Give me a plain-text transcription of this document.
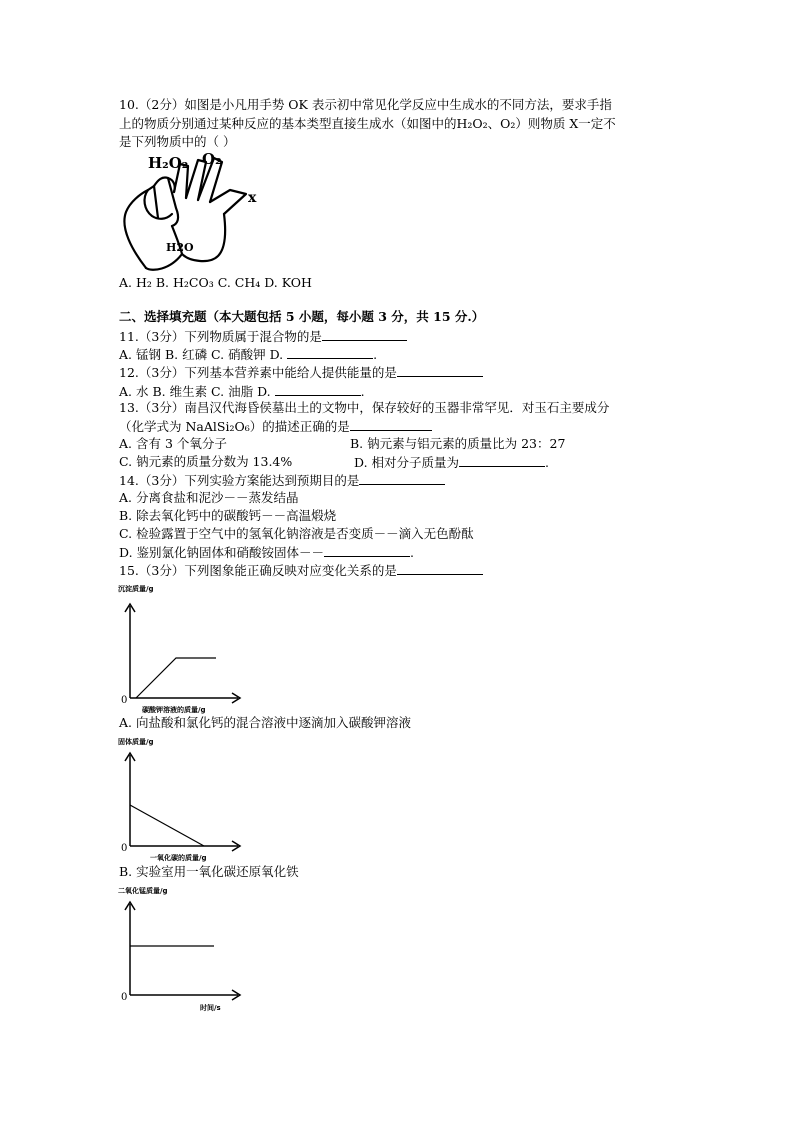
10.（2分）如图是小凡用手势 OK 表示初中常见化学反应中生成水的不同方法，要求手指
上的物质分别通过某种反应的基本类型直接生成水（如图中的H₂O₂、O₂）则物质 X一定不
是下列物质中的（ ）
H₂O₂ O₂
x
H2O
A. H₂ B. H₂CO₃ C. CH₄ D. KOH
二、选择填充题（本大题包括 5 小题，每小题 3 分，共 15 分.）
11.（3分）下列物质属于混合物的是
A. 锰钢 B. 红磷 C. 硝酸钾 D.	.
12.（3分）下列基本营养素中能给人提供能量的是
A. 水 B. 维生素 C. 油脂 D.	.
13.（3分）南昌汉代海昏侯墓出土的文物中，保存较好的玉器非常罕见．对玉石主要成分
（化学式为 NaAlSi₂O₆）的描述正确的是
A. 含有 3 个氧分子	B. 钠元素与铝元素的质量比为 23：27
C. 钠元素的质量分数为 13.4%	D. 相对分子质量为	.
14.（3分）下列实验方案能达到预期目的是
A. 分离食盐和泥沙－－蒸发结晶
B. 除去氧化钙中的碳酸钙－－高温煅烧
C. 检验露置于空气中的氢氧化钠溶液是否变质－－滴入无色酚酞
D. 鉴别氯化钠固体和硝酸铵固体－－	.
15.（3分）下列图象能正确反映对应变化关系的是
沉淀质量/g
0
碳酸钾溶液的质量/g
A. 向盐酸和氯化钙的混合溶液中逐滴加入碳酸钾溶液
固体质量/g
0
一氧化碳的质量/g
B. 实验室用一氧化碳还原氧化铁
二氧化锰质量/g
0
时间/s
